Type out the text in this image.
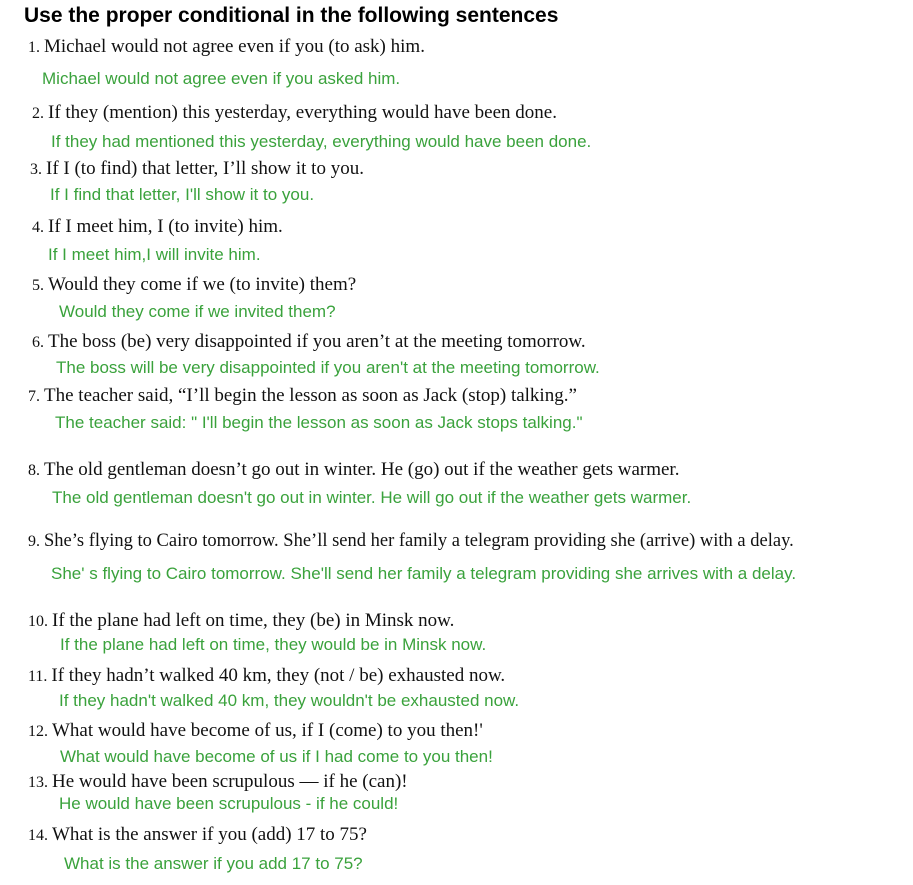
Use the proper conditional in the following sentences
1. Michael would not agree even if you (to ask) him.
Michael would not agree even if you asked him.
2. If they (mention) this yesterday, everything would have been done.
If they had mentioned this yesterday, everything would have been done.
3. If I (to find) that letter, I’ll show it to you.
If I find that letter, I'll show it to you.
4. If I meet him, I (to invite) him.
If I meet him,I will invite him.
5. Would they come if we (to invite) them?
Would they come if we invited them?
6. The boss (be) very disappointed if you aren’t at the meeting tomorrow.
The boss will be very disappointed if you aren't at the meeting tomorrow.
7. The teacher said, “I’ll begin the lesson as soon as Jack (stop) talking.”
The teacher said: " I'll begin the lesson as soon as Jack stops talking."
8. The old gentleman doesn’t go out in winter. He (go) out if the weather gets warmer.
The old gentleman doesn't go out in winter. He will go out if the weather gets warmer.
9. She’s flying to Cairo tomorrow. She’ll send her family a telegram providing she (arrive) with a delay.
She' s flying to Cairo tomorrow. She'll send her family a telegram providing she arrives with a delay.
10. If the plane had left on time, they (be) in Minsk now.
If the plane had left on time, they would be in Minsk now.
11. If they hadn’t walked 40 km, they (not / be) exhausted now.
If they hadn't walked 40 km, they wouldn't be exhausted now.
12. What would have become of us, if I (come) to you then!'
What would have become of us if I had come to you then!
13. He would have been scrupulous — if he (can)!
He would have been scrupulous - if he could!
14. What is the answer if you (add) 17 to 75?
What is the answer if you add 17 to 75?
